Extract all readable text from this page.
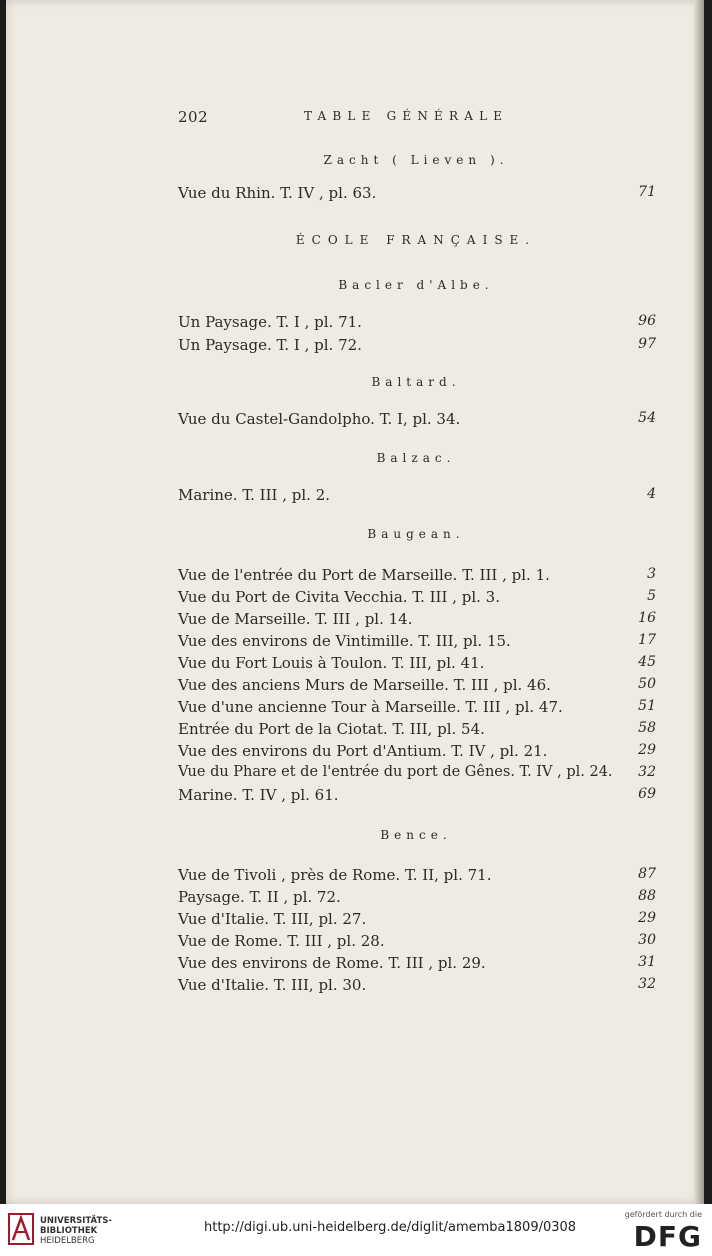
202	TABLE GÉNÉRALE
Zacht ( Lieven ).
Vue du Rhin. T. IV , pl. 63.	71
ÉCOLE FRANÇAISE.
Bacler d'Albe.
Un Paysage. T. I , pl. 71.	96
Un Paysage. T. I , pl. 72.	97
Baltard.
Vue du Castel-Gandolpho. T. I, pl. 34.	54
Balzac.
Marine. T. III , pl. 2.	4
Baugean.
Vue de l'entrée du Port de Marseille. T. III , pl. 1.	3
Vue du Port de Civita Vecchia. T. III , pl. 3.	5
Vue de Marseille. T. III , pl. 14.	16
Vue des environs de Vintimille. T. III, pl. 15.	17
Vue du Fort Louis à Toulon. T. III, pl. 41.	45
Vue des anciens Murs de Marseille. T. III , pl. 46.	50
Vue d'une ancienne Tour à Marseille. T. III , pl. 47.	51
Entrée du Port de la Ciotat. T. III, pl. 54.	58
Vue des environs du Port d'Antium. T. IV , pl. 21.	29
Vue du Phare et de l'entrée du port de Gênes. T. IV , pl. 24. 32
Marine. T. IV , pl. 61.	69
Bence.
Vue de Tivoli , près de Rome. T. II, pl. 71.	87
Paysage. T. II , pl. 72.	88
Vue d'Italie. T. III, pl. 27.	29
Vue de Rome. T. III , pl. 28.	30
Vue des environs de Rome. T. III , pl. 29.	31
Vue d'Italie. T. III, pl. 30.	32
UNIVERSITÄTS-
BIBLIOTHEK
HEIDELBERG
http://digi.ub.uni-heidelberg.de/diglit/amemba1809/0308
gefördert durch die
DFG
